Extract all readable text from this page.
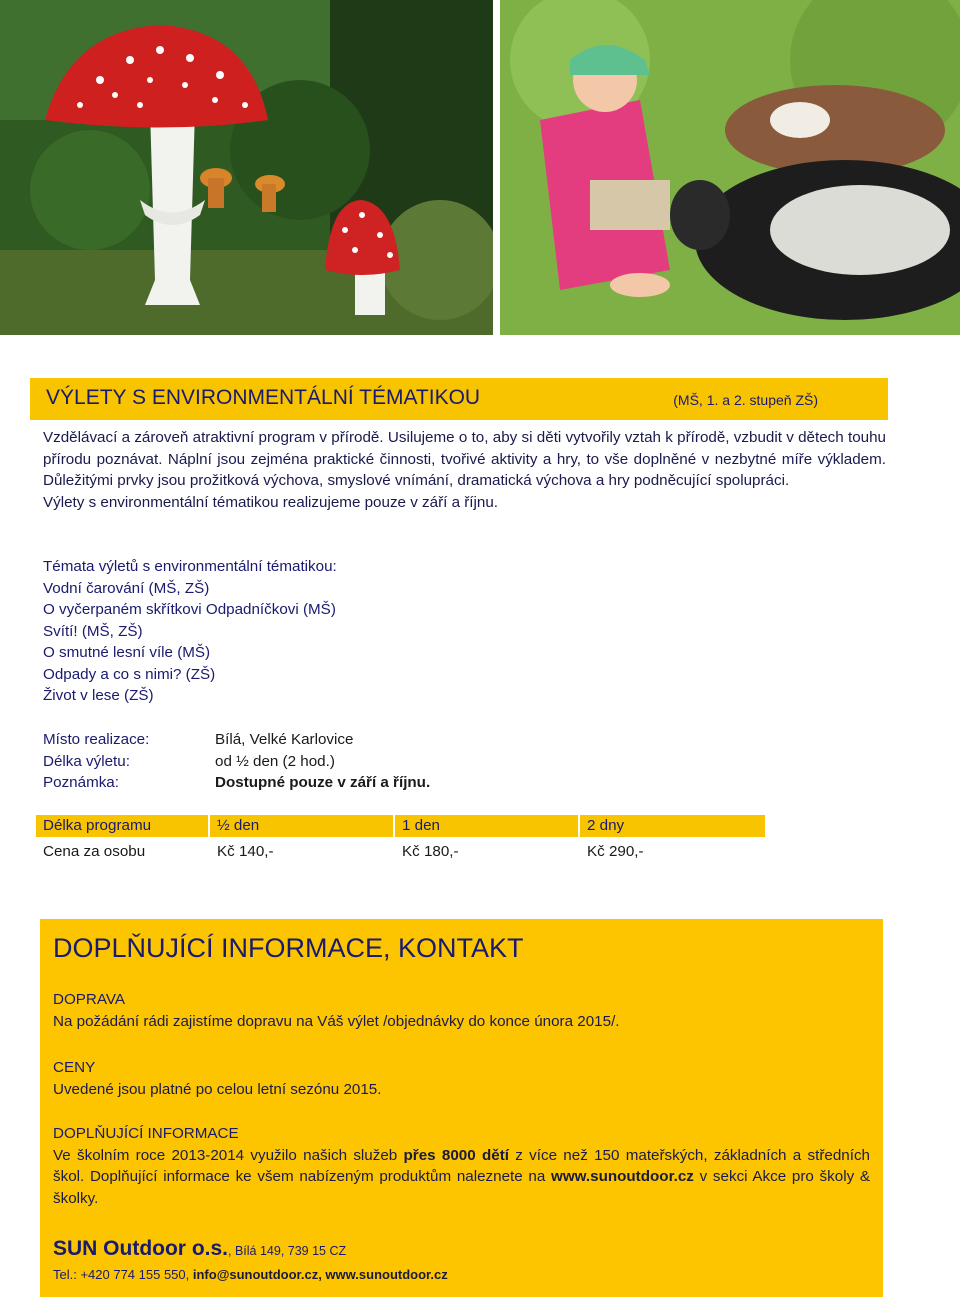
VÝLETY S ENVIRONMENTÁLNÍ TÉMATIKOU	(MŠ, 1. a 2. stupeň ZŠ)

Vzdělávací a zároveň atraktivní program v přírodě. Usilujeme o to, aby si děti vytvořily vztah k přírodě, vzbudit v dětech touhu přírodu poznávat. Náplní jsou zejména praktické činnosti, tvořivé aktivity a hry, to vše doplněné v nezbytné míře výkladem. Důležitými prvky jsou prožitková výchova, smyslové vnímání, dramatická výchova a hry podněcující spolupráci.

Výlety s environmentální tématikou realizujeme pouze v září a říjnu.

Témata výletů s environmentální tématikou:
Vodní čarování (MŠ, ZŠ)
O vyčerpaném skřítkovi Odpadníčkovi (MŠ)
Svítí! (MŠ, ZŠ)
O smutné lesní víle (MŠ)
Odpady a co s nimi? (ZŠ)
Život v lese (ZŠ)
Místo realizace:	Bílá, Velké Karlovice
Délka výletu:	od ½ den (2 hod.)
Poznámka:	Dostupné pouze v září a říjnu.
Délka programu	½ den	1 den	2 dny
Cena za osobu	Kč 140,-	Kč 180,-	Kč 290,-
DOPLŇUJÍCÍ INFORMACE, KONTAKT
DOPRAVA
Na požádání rádi zajistíme dopravu na Váš výlet /objednávky do konce února 2015/.
CENY
Uvedené jsou platné po celou letní sezónu 2015.
DOPLŇUJÍCÍ INFORMACE
Ve školním roce 2013-2014 využilo našich služeb přes 8000 dětí z více než 150 mateřských, základních a středních škol. Doplňující informace ke všem nabízeným produktům naleznete na www.sunoutdoor.cz v sekci Akce pro školy & školky.
SUN Outdoor o.s., Bílá 149, 739 15 CZ
Tel.: +420 774 155 550, info@sunoutdoor.cz, www.sunoutdoor.cz
